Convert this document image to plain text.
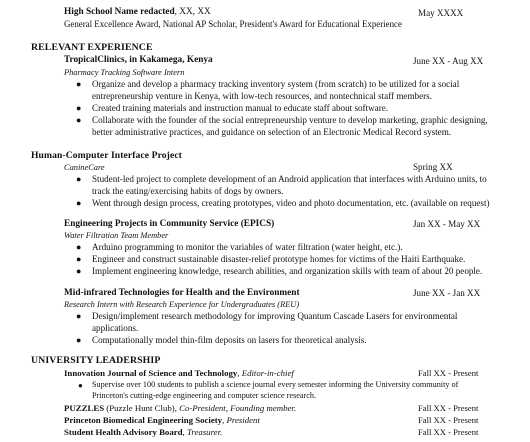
High School Name redacted, XX, XX	May XXXX
General Excellence Award, National AP Scholar, President's Award for Educational Experience
RELEVANT EXPERIENCE
TropicalClinics, in Kakamega, Kenya	June XX - Aug XX
Pharmacy Tracking Software Intern
● Organize and develop a pharmacy tracking inventory system (from scratch) to be utilized for a social
entrepreneurship venture in Kenya, with low-tech resources, and nontechnical staff members.
● Created training materials and instruction manual to educate staff about software.
● Collaborate with the founder of the social entrepreneurship venture to develop marketing, graphic designing,
better administrative practices, and guidance on selection of an Electronic Medical Record system.
Human-Computer Interface Project
CanineCare	Spring XX
● Student-led project to complete development of an Android application that interfaces with Arduino units, to
track the eating/exercising habits of dogs by owners.
● Went through design process, creating prototypes, video and photo documentation, etc. (available on request)
Engineering Projects in Community Service (EPICS)	Jan XX - May XX
Water Filtration Team Member
● Arduino programming to monitor the variables of water filtration (water height, etc.).
● Engineer and construct sustainable disaster-relief prototype homes for victims of the Haiti Earthquake.
● Implement engineering knowledge, research abilities, and organization skills with team of about 20 people.
Mid-infrared Technologies for Health and the Environment	June XX - Jan XX
Research Intern with Research Experience for Undergraduates (REU)
● Design/implement research methodology for improving Quantum Cascade Lasers for environmental
applications.
● Computationally model thin-film deposits on lasers for theoretical analysis.
UNIVERSITY LEADERSHIP
Innovation Journal of Science and Technology, Editor-in-chief	Fall XX - Present
● Supervise over 100 students to publish a science journal every semester informing the University community of
Princeton's cutting-edge engineering and computer science research.
PUZZLES (Puzzle Hunt Club), Co-President, Founding member.	Fall XX - Present
Princeton Biomedical Engineering Society, President	Fall XX - Present
Student Health Advisory Board, Treasurer.	Fall XX - Present
